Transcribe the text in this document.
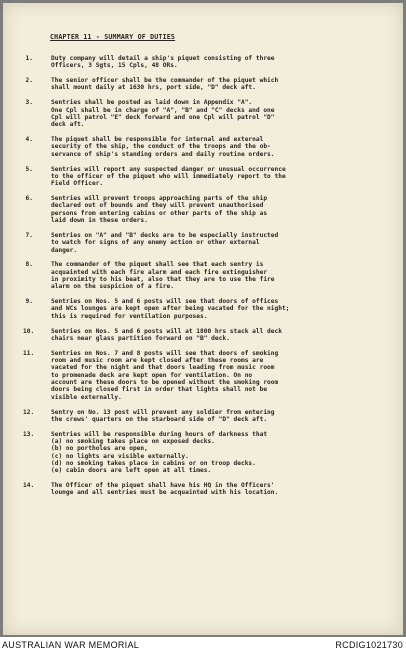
CHAPTER 11 - SUMMARY OF DUTIES
1.	Duty company will detail a ship's piquet consisting of three
Officers, 3 Sgts, 15 Cpls, 48 ORs.
2.	The senior officer shall be the commander of the piquet which
shall mount daily at 1630 hrs, port side, "D" deck aft.
3.	Sentries shall be posted as laid down in Appendix "A".
One Cpl shall be in charge of "A", "B" and "C" decks and one
Cpl will patrol "E" deck forward and one Cpl will patrol "D"
deck aft.
4.	The piquet shall be responsible for internal and external
security of the ship, the conduct of the troops and the ob-
servance of ship's standing orders and daily routine orders.
5.	Sentries will report any suspected danger or unusual occurrence
to the officer of the piquet who will immediately report to the
Field Officer.
6.	Sentries will prevent troops approaching parts of the ship
declared out of bounds and they will prevent unauthorised
persons from entering cabins or other parts of the ship as
laid down in these orders.
7.	Sentries on "A" and "B" decks are to be especially instructed
to watch for signs of any enemy action or other external
danger.
8.	The commander of the piquet shall see that each sentry is
acquainted with each fire alarm and each fire extinguisher
in proximity to his beat, also that they are to use the fire
alarm on the suspicion of a fire.
9.	Sentries on Nos. 5 and 6 posts will see that doors of offices
and WCs lounges are kept open after being vacated for the night;
this is required for ventilation purposes.
10.	Sentries on Nos. 5 and 6 posts will at 1800 hrs stack all deck
chairs near glass partition forward on "B" deck.
11.	Sentries on Nos. 7 and 8 posts will see that doors of smoking
room and music room are kept closed after these rooms are
vacated for the night and that doors leading from music room
to promenade deck are kept open for ventilation. On no
account are these doors to be opened without the smoking room
doors being closed first in order that lights shall not be
visible externally.
12.	Sentry on No. 13 post will prevent any soldier from entering
the crews' quarters on the starboard side of "D" deck aft.
13.	Sentries will be responsible during hours of darkness that
(a) no smoking takes place on exposed decks.
(b) no portholes are open,
(c) no lights are visible externally.
(d) no smoking takes place in cabins or on troop decks.
(e) cabin doors are left open at all times.
14.	The Officer of the piquet shall have his HQ in the Officers'
lounge and all sentries must be acquainted with his location.
AUSTRALIAN WAR MEMORIAL	RCDIG1021730
